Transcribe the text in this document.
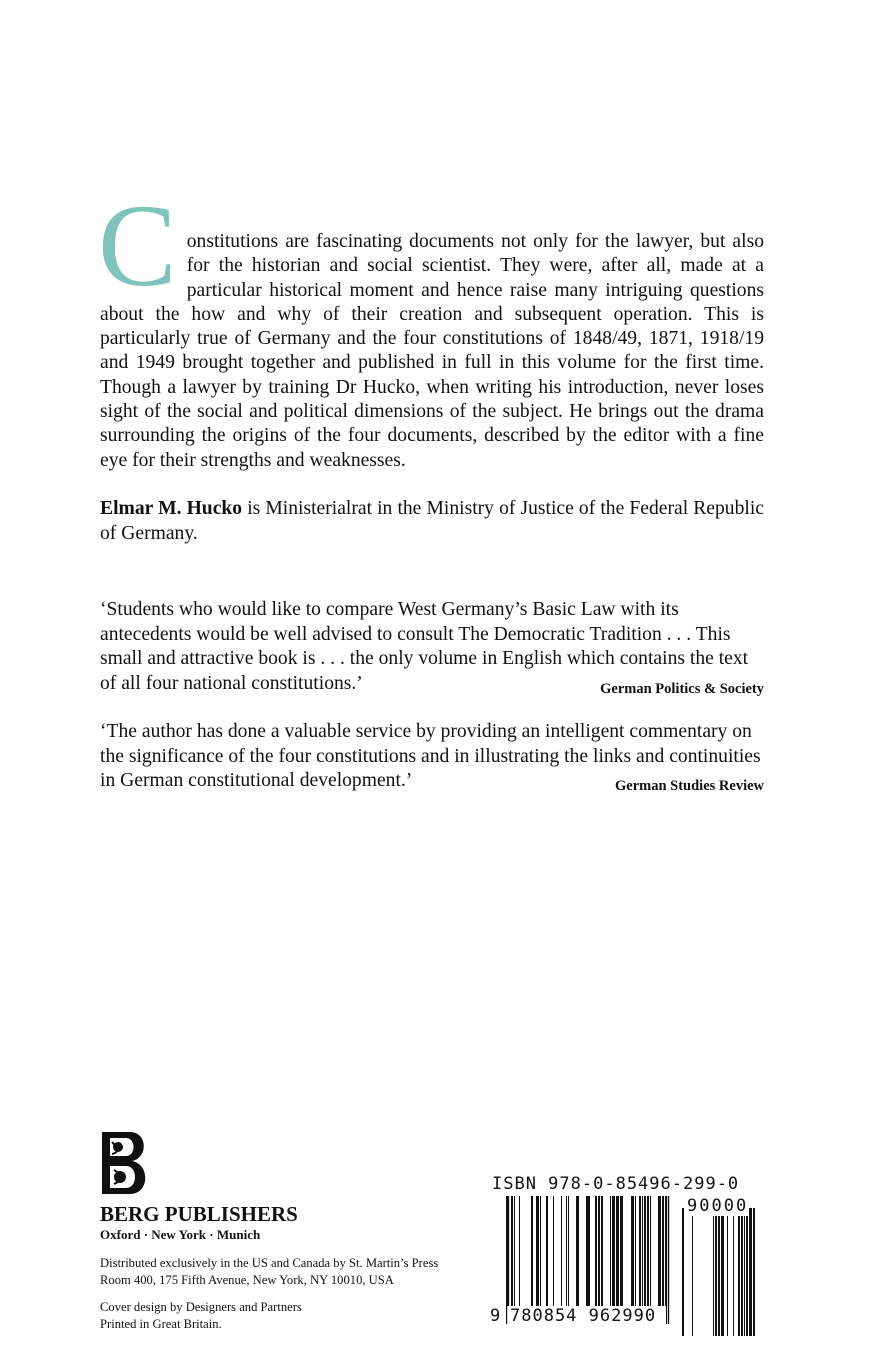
C onstitutions are fascinating documents not only for the lawyer, but also for the historian and social scientist. They were, after all, made at a particular historical moment and hence raise many intriguing questions about the how and why of their creation and subsequent operation. This is particularly true of Germany and the four constitutions of 1848/49, 1871, 1918/19 and 1949 brought together and published in full in this volume for the first time. Though a lawyer by training Dr Hucko, when writing his introduction, never loses sight of the social and political dimensions of the subject. He brings out the drama surrounding the origins of the four documents, described by the editor with a fine eye for their strengths and weaknesses.

Elmar M. Hucko is Ministerialrat in the Ministry of Justice of the Federal Republic of Germany.
‘Students who would like to compare West Germany’s Basic Law with its antecedents would be well advised to consult The Democratic Tradition . . . This small and attractive book is . . . the only volume in English which contains the text of all four national constitutions.’	German Politics & Society
‘The author has done a valuable service by providing an intelligent commentary on the significance of the four constitutions and in illustrating the links and continuities in German constitutional development.’	German Studies Review
BERG PUBLISHERS
Oxford · New York · Munich
Distributed exclusively in the US and Canada by St. Martin’s Press
Room 400, 175 Fifth Avenue, New York, NY 10010, USA
Cover design by Designers and Partners
Printed in Great Britain.
ISBN 978-0-85496-299-0
90000
9 780854 962990
